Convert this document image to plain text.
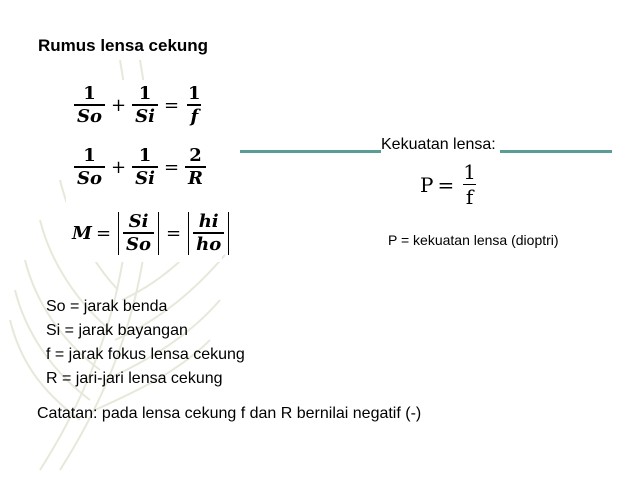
Rumus lensa cekung
$\frac{1}{So} + \frac{1}{Si} = \frac{1}{f}$
$\frac{1}{So} + \frac{1}{Si} = \frac{2}{R}$
$M = \frac{Si}{So} = \frac{hi}{ho}$
Kekuatan lensa:
$P = \frac{1}{f}$
P = kekuatan lensa (dioptri)
So = jarak benda
Si = jarak bayangan
f = jarak fokus lensa cekung
R = jari-jari lensa cekung
Catatan: pada lensa cekung f dan R bernilai negatif (-)
